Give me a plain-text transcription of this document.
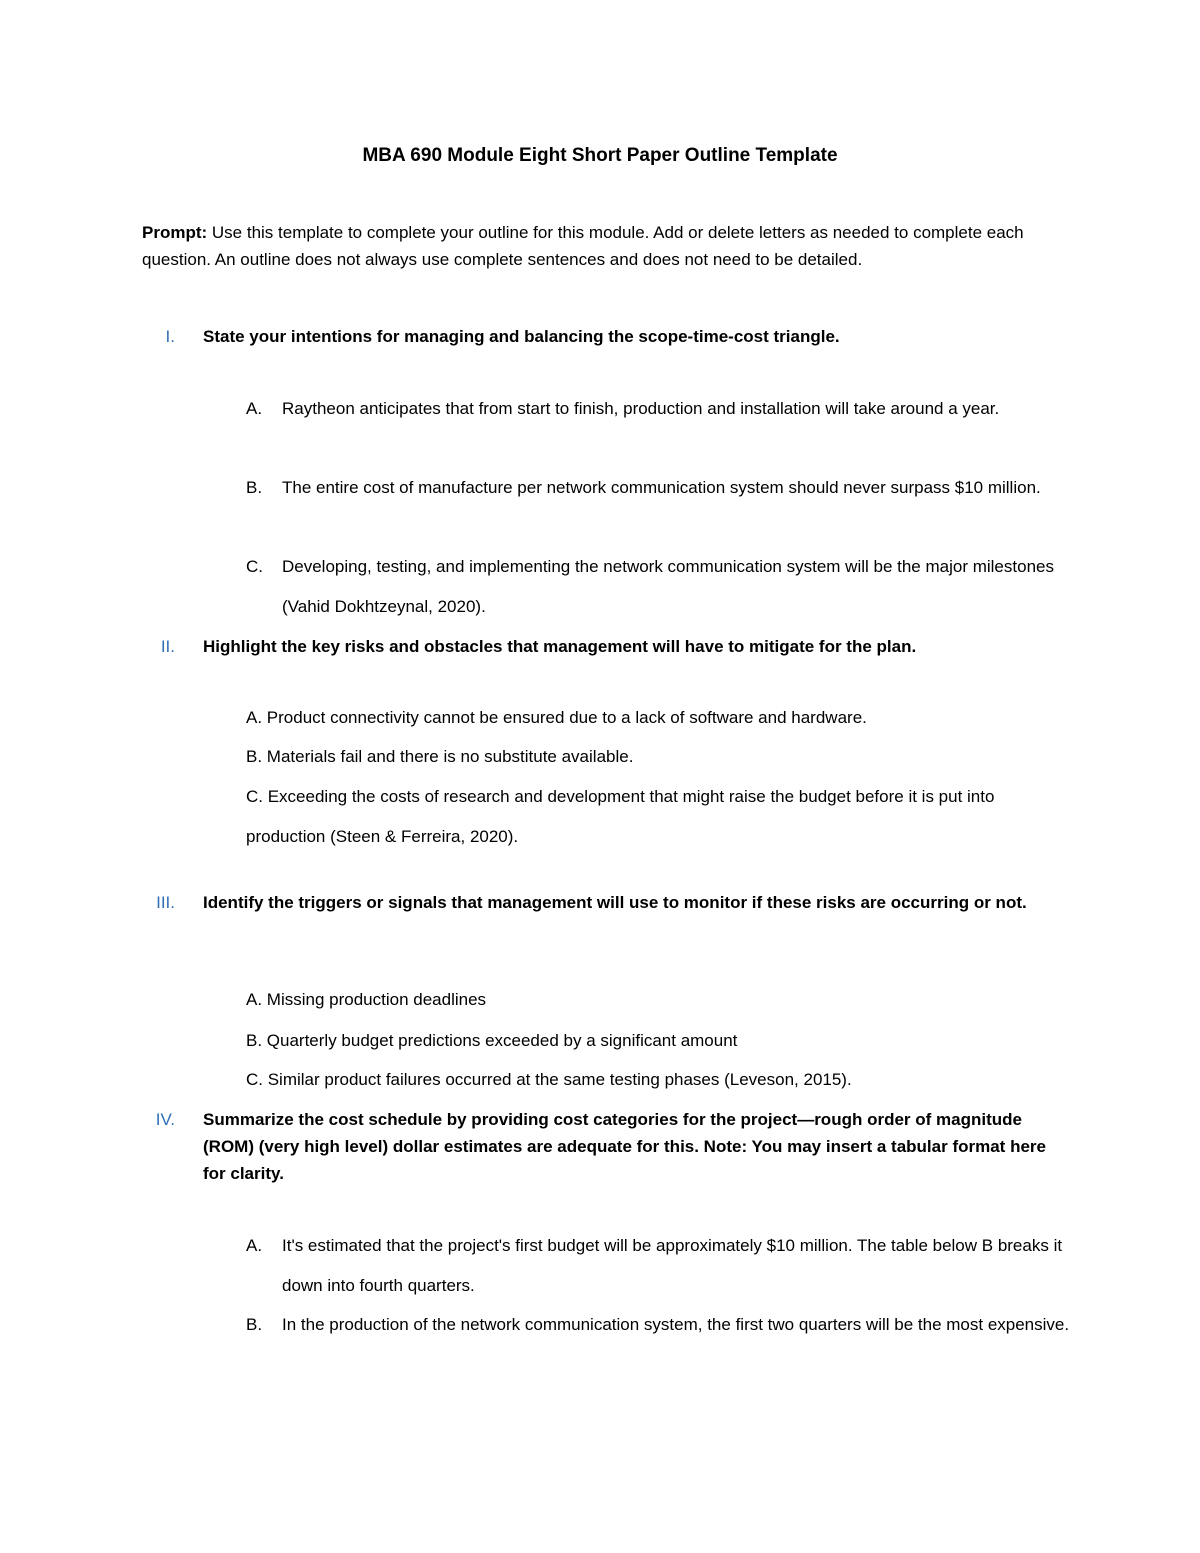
MBA 690 Module Eight Short Paper Outline Template
Prompt: Use this template to complete your outline for this module. Add or delete letters as needed to complete each question. An outline does not always use complete sentences and does not need to be detailed.
I. State your intentions for managing and balancing the scope-time-cost triangle.
A. Raytheon anticipates that from start to finish, production and installation will take around a year.
B. The entire cost of manufacture per network communication system should never surpass $10 million.
C. Developing, testing, and implementing the network communication system will be the major milestones (Vahid Dokhtzeynal, 2020).
II. Highlight the key risks and obstacles that management will have to mitigate for the plan.
A. Product connectivity cannot be ensured due to a lack of software and hardware.
B. Materials fail and there is no substitute available.
C. Exceeding the costs of research and development that might raise the budget before it is put into production (Steen & Ferreira, 2020).
III. Identify the triggers or signals that management will use to monitor if these risks are occurring or not.
A. Missing production deadlines
B. Quarterly budget predictions exceeded by a significant amount
C. Similar product failures occurred at the same testing phases (Leveson, 2015).
IV. Summarize the cost schedule by providing cost categories for the project—rough order of magnitude (ROM) (very high level) dollar estimates are adequate for this. Note: You may insert a tabular format here for clarity.
A. It's estimated that the project's first budget will be approximately $10 million. The table below B breaks it down into fourth quarters.
B. In the production of the network communication system, the first two quarters will be the most expensive.
